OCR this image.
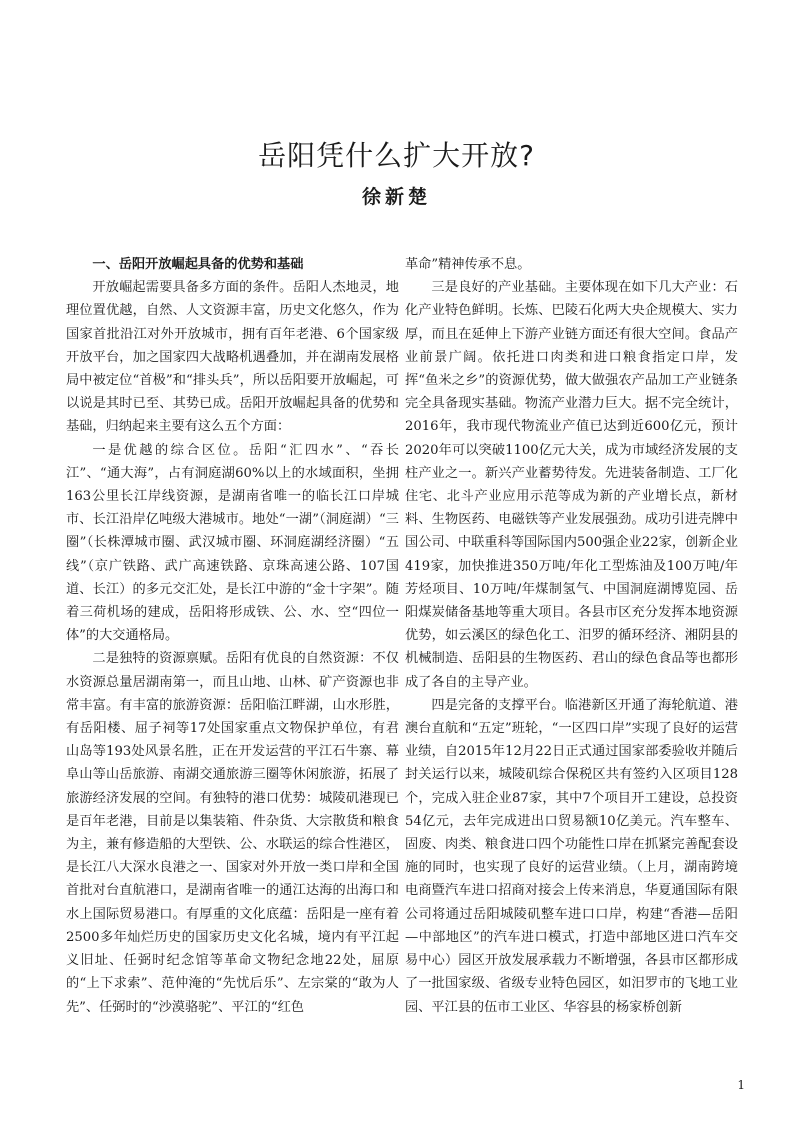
岳阳凭什么扩大开放?
徐新楚
一、岳阳开放崛起具备的优势和基础

开放崛起需要具备多方面的条件。岳阳人杰地灵，地理位置优越，自然、人文资源丰富，历史文化悠久，作为国家首批沿江对外开放城市，拥有百年老港、6个国家级开放平台，加之国家四大战略机遇叠加，并在湖南发展格局中被定位“首极”和“排头兵”，所以岳阳要开放崛起，可以说是其时已至、其势已成。岳阳开放崛起具备的优势和基础，归纳起来主要有这么五个方面：

一是优越的综合区位。岳阳“汇四水”、“吞长江”、“通大海”，占有洞庭湖60%以上的水域面积，坐拥163公里长江岸线资源，是湖南省唯一的临长江口岸城市、长江沿岸亿吨级大港城市。地处“一湖”（洞庭湖）“三圈”（长株潭城市圈、武汉城市圈、环洞庭湖经济圈）“五线”（京广铁路、武广高速铁路、京珠高速公路、107国道、长江）的多元交汇处，是长江中游的“金十字架”。随着三荷机场的建成，岳阳将形成铁、公、水、空“四位一体”的大交通格局。

二是独特的资源禀赋。岳阳有优良的自然资源：不仅水资源总量居湖南第一，而且山地、山林、矿产资源也非常丰富。有丰富的旅游资源：岳阳临江畔湖，山水形胜，有岳阳楼、屈子祠等17处国家重点文物保护单位，有君山岛等193处风景名胜，正在开发运营的平江石牛寨、幕阜山等山岳旅游、南湖交通旅游三圈等休闲旅游，拓展了旅游经济发展的空间。有独特的港口优势：城陵矶港现已是百年老港，目前是以集装箱、件杂货、大宗散货和粮食为主，兼有修造船的大型铁、公、水联运的综合性港区，是长江八大深水良港之一、国家对外开放一类口岸和全国首批对台直航港口，是湖南省唯一的通江达海的出海口和水上国际贸易港口。有厚重的文化底蕴：岳阳是一座有着2500多年灿烂历史的国家历史文化名城，境内有平江起义旧址、任弼时纪念馆等革命文物纪念地22处，屈原的“上下求索”、范仲淹的“先忧后乐”、左宗棠的“敢为人先”、任弼时的“沙漠骆驼”、平江的“红色

革命”精神传承不息。

三是良好的产业基础。主要体现在如下几大产业：石化产业特色鲜明。长炼、巴陵石化两大央企规模大、实力厚，而且在延伸上下游产业链方面还有很大空间。食品产业前景广阔。依托进口肉类和进口粮食指定口岸，发挥“鱼米之乡”的资源优势，做大做强农产品加工产业链条完全具备现实基础。物流产业潜力巨大。据不完全统计，2016年，我市现代物流业产值已达到近600亿元，预计2020年可以突破1100亿元大关，成为市域经济发展的支柱产业之一。新兴产业蓄势待发。先进装备制造、工厂化住宅、北斗产业应用示范等成为新的产业增长点，新材料、生物医药、电磁铁等产业发展强劲。成功引进壳牌中国公司、中联重科等国际国内500强企业22家，创新企业419家，加快推进350万吨/年化工型炼油及100万吨/年芳烃项目、10万吨/年煤制氢气、中国洞庭湖博览园、岳阳煤炭储备基地等重大项目。各县市区充分发挥本地资源优势，如云溪区的绿色化工、汨罗的循环经济、湘阴县的机械制造、岳阳县的生物医药、君山的绿色食品等也都形成了各自的主导产业。

四是完备的支撑平台。临港新区开通了海轮航道、港澳台直航和“五定”班轮，“一区四口岸”实现了良好的运营业绩，自2015年12月22日正式通过国家部委验收并随后封关运行以来，城陵矶综合保税区共有签约入区项目128个，完成入驻企业87家，其中7个项目开工建设，总投资54亿元，去年完成进出口贸易额10亿美元。汽车整车、固废、肉类、粮食进口四个功能性口岸在抓紧完善配套设施的同时，也实现了良好的运营业绩。（上月，湖南跨境电商暨汽车进口招商对接会上传来消息，华夏通国际有限公司将通过岳阳城陵矶整车进口口岸，构建“香港—岳阳—中部地区”的汽车进口模式，打造中部地区进口汽车交易中心）园区开放发展承载力不断增强，各县市区都形成了一批国家级、省级专业特色园区，如汨罗市的飞地工业园、平江县的伍市工业区、华容县的杨家桥创新

1
